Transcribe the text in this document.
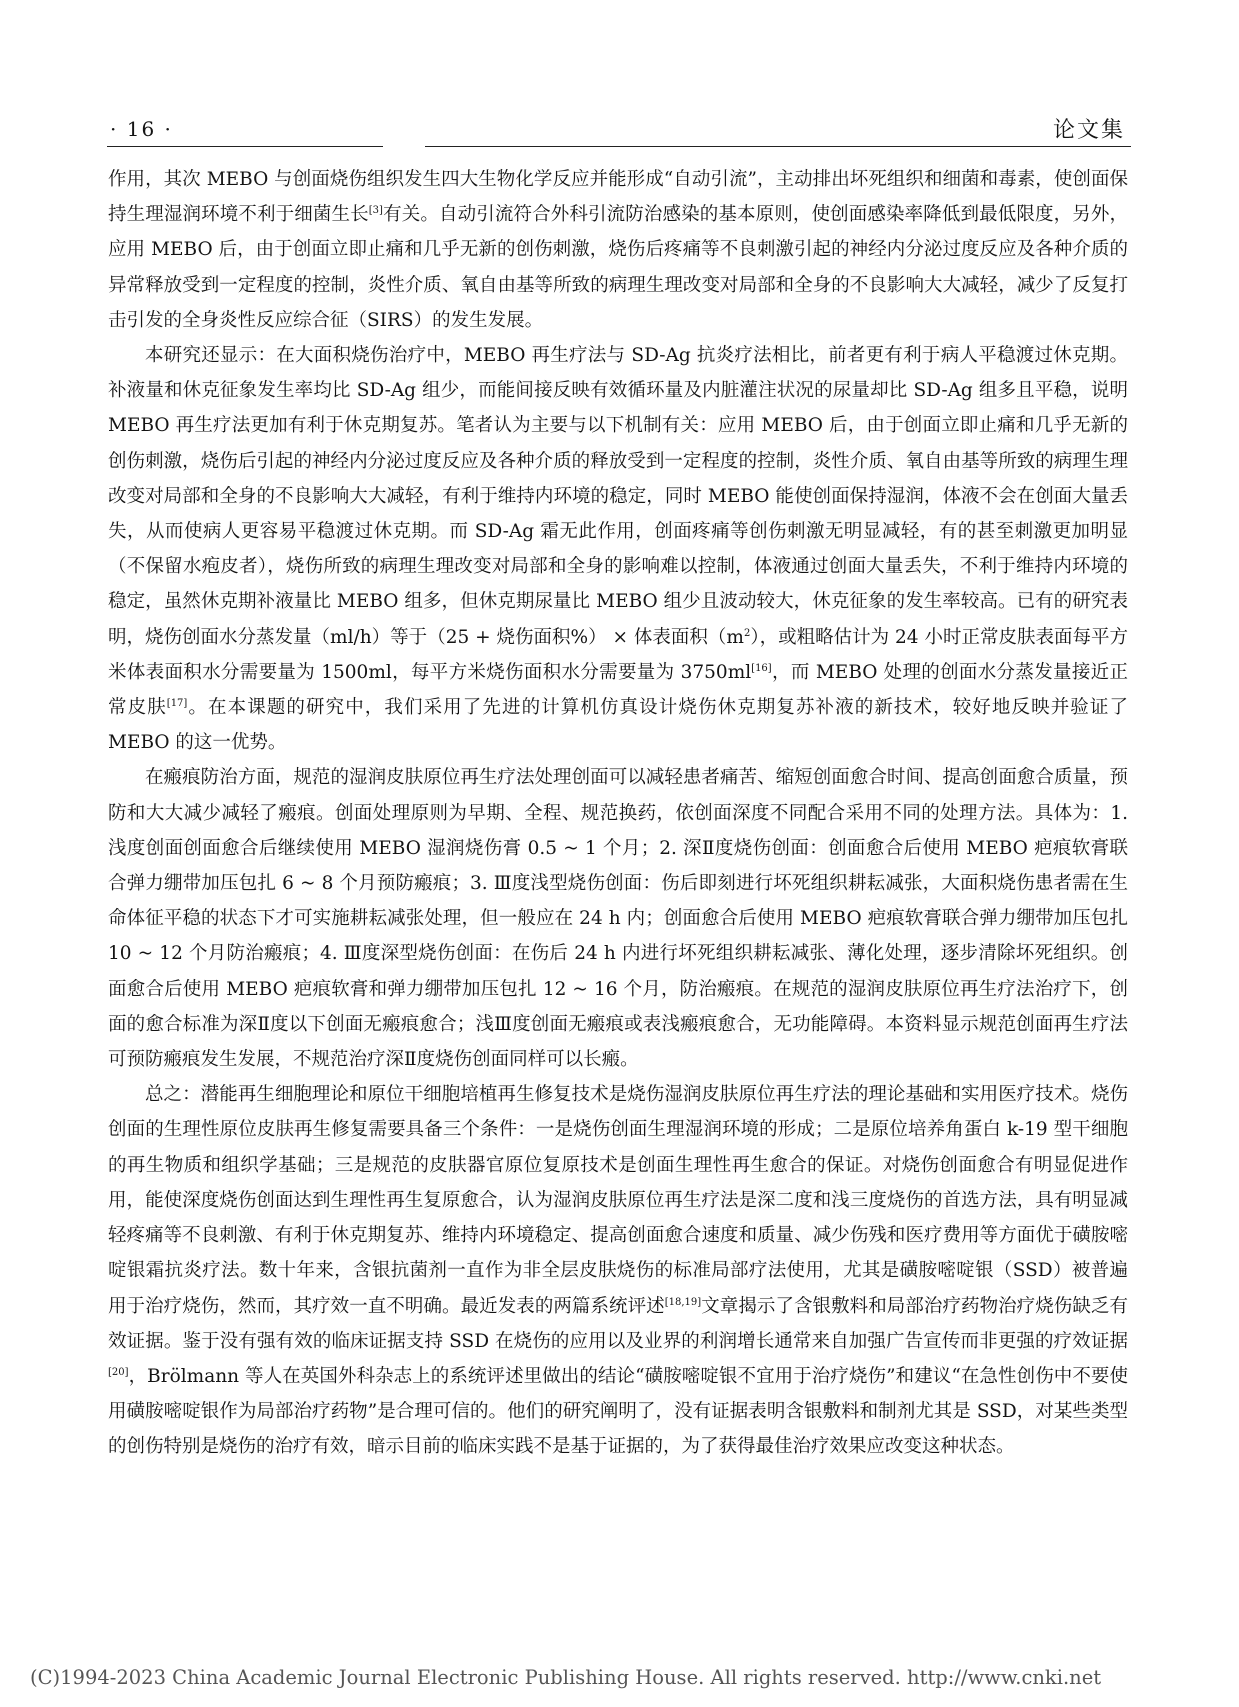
· 16 ·	论文集

作用，其次 MEBO 与创面烧伤组织发生四大生物化学反应并能形成“自动引流”，主动排出坏死组织和细菌和毒素，使创面保持生理湿润环境不利于细菌生长[3]有关。自动引流符合外科引流防治感染的基本原则，使创面感染率降低到最低限度，另外，应用 MEBO 后，由于创面立即止痛和几乎无新的创伤刺激，烧伤后疼痛等不良刺激引起的神经内分泌过度反应及各种介质的异常释放受到一定程度的控制，炎性介质、氧自由基等所致的病理生理改变对局部和全身的不良影响大大减轻，减少了反复打击引发的全身炎性反应综合征（SIRS）的发生发展。

本研究还显示：在大面积烧伤治疗中，MEBO 再生疗法与 SD-Ag 抗炎疗法相比，前者更有利于病人平稳渡过休克期。补液量和休克征象发生率均比 SD-Ag 组少，而能间接反映有效循环量及内脏灌注状况的尿量却比 SD-Ag 组多且平稳，说明 MEBO 再生疗法更加有利于休克期复苏。笔者认为主要与以下机制有关：应用 MEBO 后，由于创面立即止痛和几乎无新的创伤刺激，烧伤后引起的神经内分泌过度反应及各种介质的释放受到一定程度的控制，炎性介质、氧自由基等所致的病理生理改变对局部和全身的不良影响大大减轻，有利于维持内环境的稳定，同时 MEBO 能使创面保持湿润，体液不会在创面大量丢失，从而使病人更容易平稳渡过休克期。而 SD-Ag 霜无此作用，创面疼痛等创伤刺激无明显减轻，有的甚至刺激更加明显（不保留水疱皮者），烧伤所致的病理生理改变对局部和全身的影响难以控制，体液通过创面大量丢失，不利于维持内环境的稳定，虽然休克期补液量比 MEBO 组多，但休克期尿量比 MEBO 组少且波动较大，休克征象的发生率较高。已有的研究表明，烧伤创面水分蒸发量（ml/h）等于（25 + 烧伤面积%） × 体表面积$(m^2)$，或粗略估计为 24 小时正常皮肤表面每平方米体表面积水分需要量为 1500ml，每平方米烧伤面积水分需要量为 3750ml[16]，而 MEBO 处理的创面水分蒸发量接近正常皮肤[17]。在本课题的研究中，我们采用了先进的计算机仿真设计烧伤休克期复苏补液的新技术，较好地反映并验证了 MEBO 的这一优势。

在瘢痕防治方面，规范的湿润皮肤原位再生疗法处理创面可以减轻患者痛苦、缩短创面愈合时间、提高创面愈合质量，预防和大大减少减轻了瘢痕。创面处理原则为早期、全程、规范换药，依创面深度不同配合采用不同的处理方法。具体为：1. 浅度创面创面愈合后继续使用 MEBO 湿润烧伤膏 0.5 ~ 1 个月；2. 深Ⅱ度烧伤创面：创面愈合后使用 MEBO 疤痕软膏联合弹力绷带加压包扎 6 ~ 8 个月预防瘢痕；3. Ⅲ度浅型烧伤创面：伤后即刻进行坏死组织耕耘减张，大面积烧伤患者需在生命体征平稳的状态下才可实施耕耘减张处理，但一般应在 24 h 内；创面愈合后使用 MEBO 疤痕软膏联合弹力绷带加压包扎 10 ~ 12 个月防治瘢痕；4. Ⅲ度深型烧伤创面：在伤后 24 h 内进行坏死组织耕耘减张、薄化处理，逐步清除坏死组织。创面愈合后使用 MEBO 疤痕软膏和弹力绷带加压包扎 12 ~ 16 个月，防治瘢痕。在规范的湿润皮肤原位再生疗法治疗下，创面的愈合标准为深Ⅱ度以下创面无瘢痕愈合；浅Ⅲ度创面无瘢痕或表浅瘢痕愈合，无功能障碍。本资料显示规范创面再生疗法可预防瘢痕发生发展，不规范治疗深Ⅱ度烧伤创面同样可以长瘢。

总之：潜能再生细胞理论和原位干细胞培植再生修复技术是烧伤湿润皮肤原位再生疗法的理论基础和实用医疗技术。烧伤创面的生理性原位皮肤再生修复需要具备三个条件：一是烧伤创面生理湿润环境的形成；二是原位培养角蛋白 k-19 型干细胞的再生物质和组织学基础；三是规范的皮肤器官原位复原技术是创面生理性再生愈合的保证。对烧伤创面愈合有明显促进作用，能使深度烧伤创面达到生理性再生复原愈合，认为湿润皮肤原位再生疗法是深二度和浅三度烧伤的首选方法，具有明显减轻疼痛等不良刺激、有利于休克期复苏、维持内环境稳定、提高创面愈合速度和质量、减少伤残和医疗费用等方面优于磺胺嘧啶银霜抗炎疗法。数十年来，含银抗菌剂一直作为非全层皮肤烧伤的标准局部疗法使用，尤其是磺胺嘧啶银（SSD）被普遍用于治疗烧伤，然而，其疗效一直不明确。最近发表的两篇系统评述[18,19]文章揭示了含银敷料和局部治疗药物治疗烧伤缺乏有效证据。鉴于没有强有效的临床证据支持 SSD 在烧伤的应用以及业界的利润增长通常来自加强广告宣传而非更强的疗效证据[20]，Brölmann 等人在英国外科杂志上的系统评述里做出的结论“磺胺嘧啶银不宜用于治疗烧伤”和建议“在急性创伤中不要使用磺胺嘧啶银作为局部治疗药物”是合理可信的。他们的研究阐明了，没有证据表明含银敷料和制剂尤其是 SSD，对某些类型的创伤特别是烧伤的治疗有效，暗示目前的临床实践不是基于证据的，为了获得最佳治疗效果应改变这种状态。

(C)1994-2023 China Academic Journal Electronic Publishing House. All rights reserved. http://www.cnki.net
